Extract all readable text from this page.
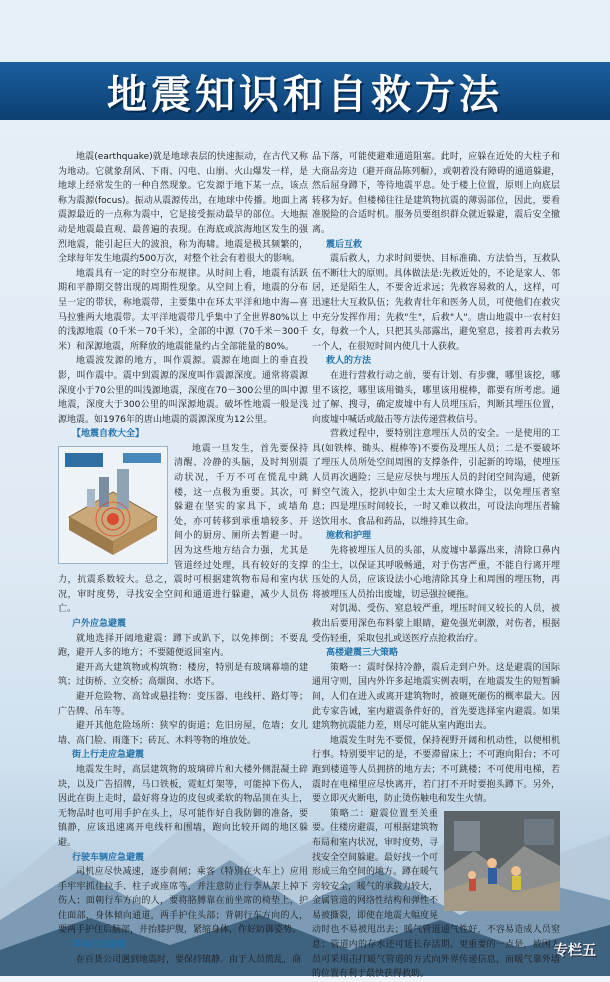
地震知识和自救方法

地震(earthquake)就是地球表层的快速振动，在古代又称为地动。它就象刮风、下雨、闪电、山崩、火山爆发一样，是地球上经常发生的一种自然现象。它发源于地下某一点，该点称为震源(focus)。振动从震源传出，在地球中传播。地面上离震源最近的一点称为震中，它是接受振动最早的部位。大地振动是地震最直观、最普遍的表现。在海底或滨海地区发生的强烈地震，能引起巨大的波浪，称为海啸。地震是极其频繁的，全球每年发生地震约500万次，对整个社会有着很大的影响。

地震具有一定的时空分布规律。从时间上看，地震有活跃期和平静期交替出现的周期性现象。从空间上看，地震的分布呈一定的带状，称地震带，主要集中在环太平洋和地中海—喜马拉雅两大地震带。太平洋地震带几乎集中了全世界80%以上的浅源地震（0千米－70千米），全部的中源（70千米－300千米）和深源地震，所释放的地震能量约占全部能量的80%。

地震波发源的地方，叫作震源。震源在地面上的垂直投影，叫作震中。震中到震源的深度叫作震源深度。通常将震源深度小于70公里的叫浅源地震，深度在70－300公里的叫中源地震，深度大于300公里的叫深源地震。破坏性地震一般是浅源地震。如1976年的唐山地震的震源深度为12公里。

【地震自救大全】

地震一旦发生，首先要保持清醒、冷静的头脑，及时判别震动状况，千万不可在慌乱中跳楼，这一点极为重要。其次，可躲避在坚实的家具下，或墙角处，亦可转移到承重墙较多、开间小的厨房、厕所去暂避一时。因为这些地方结合力强，尤其是管道经过处理，具有较好的支撑力，抗震系数较大。总之，震时可根据建筑物布局和室内状况，审时度势，寻找安全空间和通道进行躲避，减少人员伤亡。

户外应急避震

就地选择开阔地避震：蹲下或趴下，以免摔倒；不要乱跑，避开人多的地方；不要随便返回室内。

避开高大建筑物或构筑物：楼房，特别是有玻璃幕墙的建筑；过街桥、立交桥；高烟囱、水塔下。

避开危险物、高耸或悬挂物：变压器、电线杆、路灯等；广告牌、吊车等。

避开其他危险场所：狭窄的街道；危旧房屋，危墙；女儿墙、高门脸、雨蓬下；砖瓦、木料等物的堆放处。

街上行走应急避震

地震发生时，高层建筑物的玻璃碎片和大楼外侧混凝土碎块，以及广告招牌，马口铁板，霓虹灯架等，可能掉下伤人，因此在街上走时，最好将身边的皮包或柔软的物品顶在头上，无物品时也可用手护在头上，尽可能作好自我防御的准备，要镇静，应该迅速离开电线杆和围墙，跑向比较开阔的地区躲避。

行驶车辆应急避震

司机应尽快减速，逐步刹闸；乘客（特别在火车上）应用手牢牢抓住拉手、柱子或座席等，并注意防止行李从架上掉下伤人；面朝行车方向的人，要将胳膊靠在前坐席的椅垫上，护住面部，身体倾向通道，两手护住头部；背朝行车方向的人，要两手护住后脑部，并抬膝护腹，紧缩身体，作好防御姿势。

商场应急避震

在百货公司遇到地震时，要保持镇静。由于人员慌乱，商

品下落，可能使避难通道阻塞。此时，应躲在近处的大柱子和大商品旁边（避开商品陈列橱），或朝着没有障碍的通道躲避，然后屈身蹲下，等待地震平息。处于楼上位置，原则上向底层转移为好。但楼梯往往是建筑物抗震的薄弱部位，因此，要看准脱险的合适时机。服务员要组织群众就近躲避，震后安全撤离。

震后互救

震后救人，力求时间要快、目标准确、方法恰当，互救队伍不断壮大的原则。具体做法是:先救近处的，不论是家人、邻居，还是陌生人，不要舍近求远；先救容易救的人，这样，可迅速壮大互救队伍；先救青壮年和医务人员，可使他们在救灾中充分发挥作用；先救"生"，后救"人"。唐山地震中一农村妇女，每救一个人，只把其头部露出，避免窒息，接着再去救另一个人，在很短时间内使几十人获救。

救人的方法

在进行营救行动之前，要有计划、有步骤，哪里该挖，哪里不该挖，哪里该用锄头，哪里该用棍棒，都要有所考虑。通过了解、搜寻，确定废墟中有人员埋压后，判断其埋压位置，向废墟中喊话或敲击等方法传递营救信号。

营救过程中，要特别注意埋压人员的安全。一是使用的工具(如铁棒、锄头、棍棒等)不要伤及埋压人员；二是不要破坏了埋压人员所处空间周围的支撑条件，引起新的垮塌，使埋压人员再次遇险；三是应尽快与埋压人员的封闭空间沟通，使新鲜空气流入，挖扒中如尘土太大应喷水降尘，以免埋压者窒息；四是埋压时间较长，一时又难以救出，可设法向埋压者输送饮用水、食品和药品，以维持其生命。

施救和护理

先将被埋压人员的头部，从废墟中暴露出来，清除口鼻内的尘土，以保证其呼吸畅通，对于伤害严重，不能自行离开埋压处的人员，应该设法小心地清除其身上和周围的埋压物，再将被埋压人员抬出废墟，切忌强拉硬拖。

对饥渴、受伤、窒息较严重，埋压时间又较长的人员，被救出后要用深色布料蒙上眼睛，避免强光刺激，对伤者，根据受伤轻重，采取包扎或送医疗点抢救治疗。

高楼避震三大策略

策略一：震时保持冷静，震后走到户外。这是避震的国际通用守则，国内外许多起地震实例表明，在地震发生的短暂瞬间，人们在进入或离开建筑物时，被砸死砸伤的概率最大。因此专家告诫，室内避震条件好的，首先要选择室内避震。如果建筑物抗震能力差，则尽可能从室内跑出去。

地震发生时先不要慌，保持视野开阔和机动性，以便相机行事。特别要牢记的是，不要滞留床上；不可跑向阳台；不可跑到楼道等人员拥挤的地方去；不可跳楼；不可使用电梯，若震时在电梯里应尽快离开，若门打不开时要抱头蹲下。另外，要立即灭火断电，防止烫伤触电和发生火情。

策略二：避震位置至关重要。住楼房避震，可根据建筑物布局和室内状况，审时度势，寻找安全空间躲避。最好找一个可形成三角空间的地方。蹲在暖气旁较安全，暖气的承载力较大，金属管道的网络性结构和弹性不易被撕裂，即使在地震大幅度晃动时也不易被甩出去；暖气管道通气性好，不容易造成人员窒息；管道内的存水还可延长存活期。更重要的一点是，被困人员可采用击打暖气管道的方式向外界传递信息，而暖气靠外墙的位置有利于最快获得救助。

专栏五
